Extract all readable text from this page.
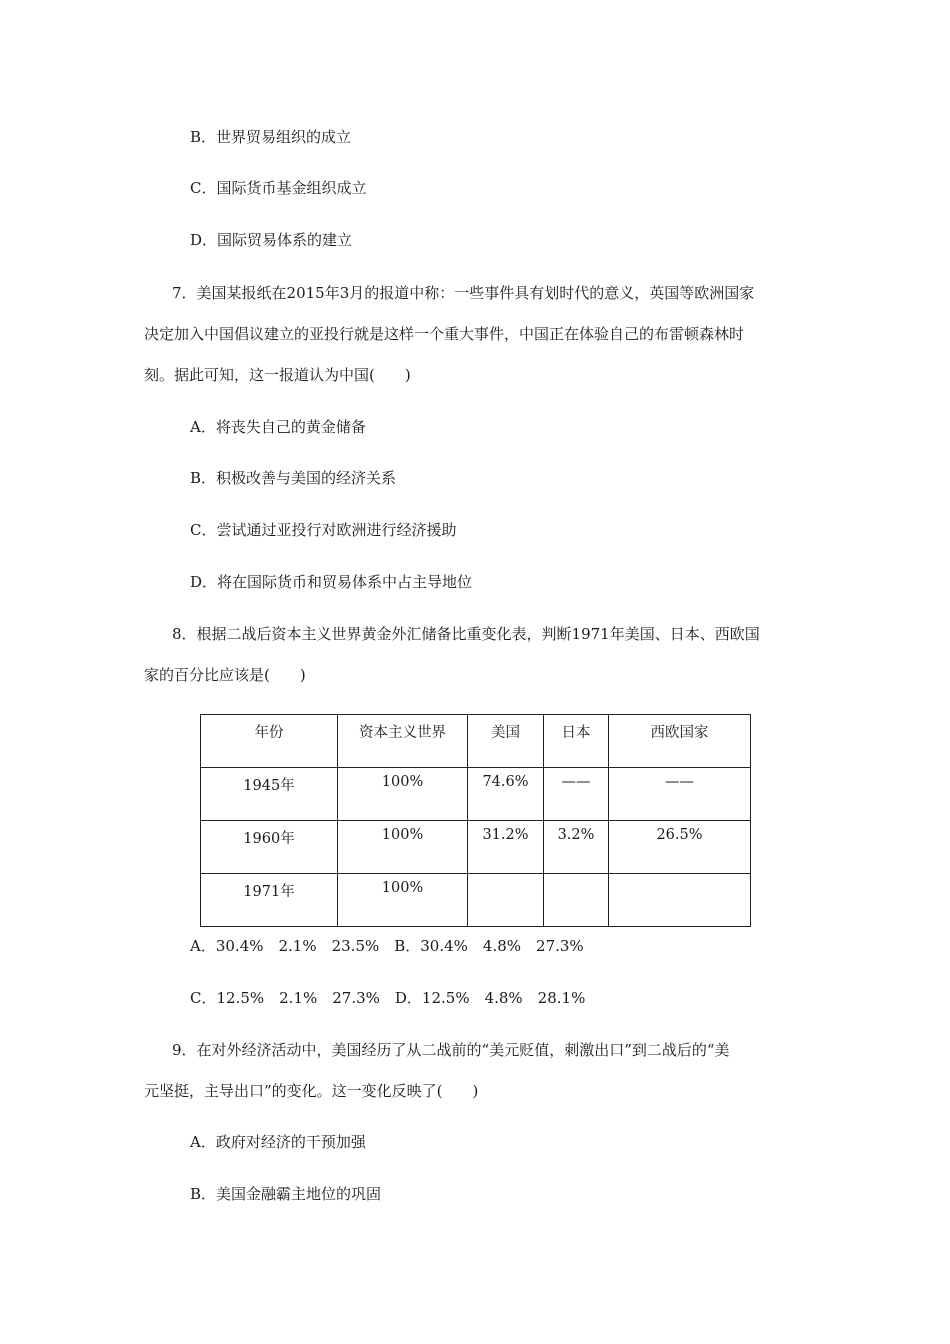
B．世界贸易组织的成立
C．国际货币基金组织成立
D．国际贸易体系的建立
7．美国某报纸在2015年3月的报道中称：一些事件具有划时代的意义，英国等欧洲国家
决定加入中国倡议建立的亚投行就是这样一个重大事件，中国正在体验自己的布雷顿森林时
刻。据此可知，这一报道认为中国(　　)
A．将丧失自己的黄金储备
B．积极改善与美国的经济关系
C．尝试通过亚投行对欧洲进行经济援助
D．将在国际货币和贸易体系中占主导地位
8．根据二战后资本主义世界黄金外汇储备比重变化表，判断1971年美国、日本、西欧国
家的百分比应该是(　　)
年份	资本主义世界	美国	日本	西欧国家
1945年	100%	74.6%	——	——
1960年	100%	31.2%	3.2%	26.5%
1971年	100%			
A．30.4%　2.1%　23.5%　B．30.4%　4.8%　27.3%
C．12.5%　2.1%　27.3%　D．12.5%　4.8%　28.1%
9．在对外经济活动中，美国经历了从二战前的“美元贬值，刺激出口”到二战后的“美
元坚挺，主导出口”的变化。这一变化反映了(　　)
A．政府对经济的干预加强
B．美国金融霸主地位的巩固
